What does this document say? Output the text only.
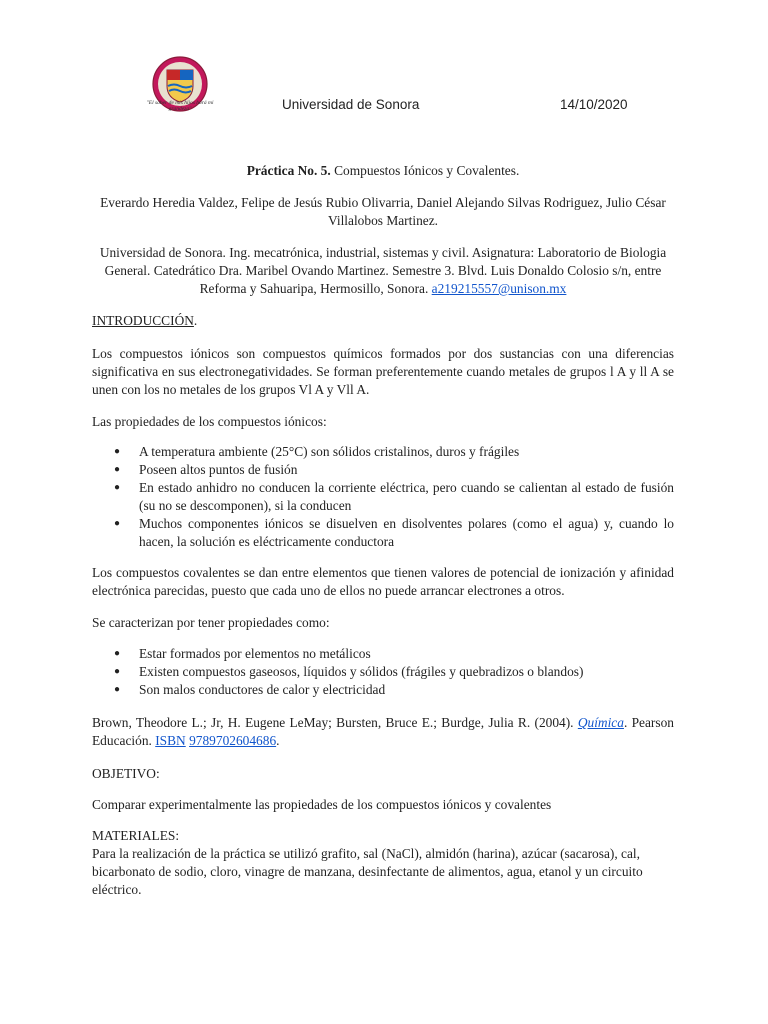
"El saber de mis hijos hará mi grandeza"	Universidad de Sonora	14/10/2020
Práctica No. 5. Compuestos Iónicos y Covalentes.
Everardo Heredia Valdez, Felipe de Jesús Rubio Olivarria, Daniel Alejando Silvas Rodriguez, Julio César Villalobos Martinez.
Universidad de Sonora. Ing. mecatrónica, industrial, sistemas y civil. Asignatura: Laboratorio de Biologia General. Catedrático Dra. Maribel Ovando Martinez. Semestre 3. Blvd. Luis Donaldo Colosio s/n, entre Reforma y Sahuaripa, Hermosillo, Sonora. a219215557@unison.mx
INTRODUCCIÓN.
Los compuestos iónicos son compuestos químicos formados por dos sustancias con una diferencias significativa en sus electronegatividades. Se forman preferentemente cuando metales de grupos l A y ll A se unen con los no metales de los grupos Vl A y Vll A.
Las propiedades de los compuestos iónicos:
● A temperatura ambiente (25°C) son sólidos cristalinos, duros y frágiles
● Poseen altos puntos de fusión
● En estado anhidro no conducen la corriente eléctrica, pero cuando se calientan al estado de fusión (su no se descomponen), si la conducen
● Muchos componentes iónicos se disuelven en disolventes polares (como el agua) y, cuando lo hacen, la solución es eléctricamente conductora
Los compuestos covalentes se dan entre elementos que tienen valores de potencial de ionización y afinidad electrónica parecidas, puesto que cada uno de ellos no puede arrancar electrones a otros.
Se caracterizan por tener propiedades como:
● Estar formados por elementos no metálicos
● Existen compuestos gaseosos, líquidos y sólidos (frágiles y quebradizos o blandos)
● Son malos conductores de calor y electricidad
Brown, Theodore L.; Jr, H. Eugene LeMay; Bursten, Bruce E.; Burdge, Julia R. (2004). Química. Pearson Educación. ISBN 9789702604686.
OBJETIVO:
Comparar experimentalmente las propiedades de los compuestos iónicos y covalentes
MATERIALES:
Para la realización de la práctica se utilizó grafito, sal (NaCl), almidón (harina), azúcar (sacarosa), cal, bicarbonato de sodio, cloro, vinagre de manzana, desinfectante de alimentos, agua, etanol y un circuito eléctrico.
